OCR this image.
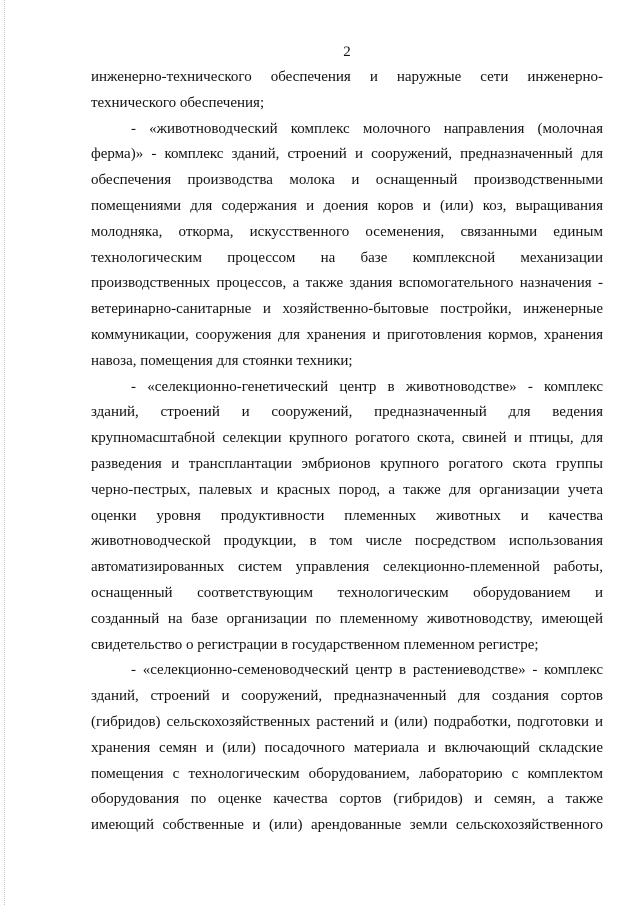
2
инженерно-технического обеспечения и наружные сети инженерно-
технического обеспечения;
- «животноводческий комплекс молочного направления (молочная
ферма)» - комплекс зданий, строений и сооружений, предназначенный для
обеспечения производства молока и оснащенный производственными
помещениями для содержания и доения коров и (или) коз, выращивания
молодняка, откорма, искусственного осеменения, связанными единым
технологическим процессом на базе комплексной механизации
производственных процессов, а также здания вспомогательного назначения -
ветеринарно-санитарные и хозяйственно-бытовые постройки, инженерные
коммуникации, сооружения для хранения и приготовления кормов, хранения
навоза, помещения для стоянки техники;
- «селекционно-генетический центр в животноводстве» - комплекс
зданий, строений и сооружений, предназначенный для ведения
крупномасштабной селекции крупного рогатого скота, свиней и птицы, для
разведения и трансплантации эмбрионов крупного рогатого скота группы
черно-пестрых, палевых и красных пород, а также для организации учета
оценки уровня продуктивности племенных животных и качества
животноводческой продукции, в том числе посредством использования
автоматизированных систем управления селекционно-племенной работы,
оснащенный соответствующим технологическим оборудованием и
созданный на базе организации по племенному животноводству, имеющей
свидетельство о регистрации в государственном племенном регистре;
- «селекционно-семеноводческий центр в растениеводстве» - комплекс
зданий, строений и сооружений, предназначенный для создания сортов
(гибридов) сельскохозяйственных растений и (или) подработки, подготовки и
хранения семян и (или) посадочного материала и включающий складские
помещения с технологическим оборудованием, лабораторию с комплектом
оборудования по оценке качества сортов (гибридов) и семян, а также
имеющий собственные и (или) арендованные земли сельскохозяйственного
